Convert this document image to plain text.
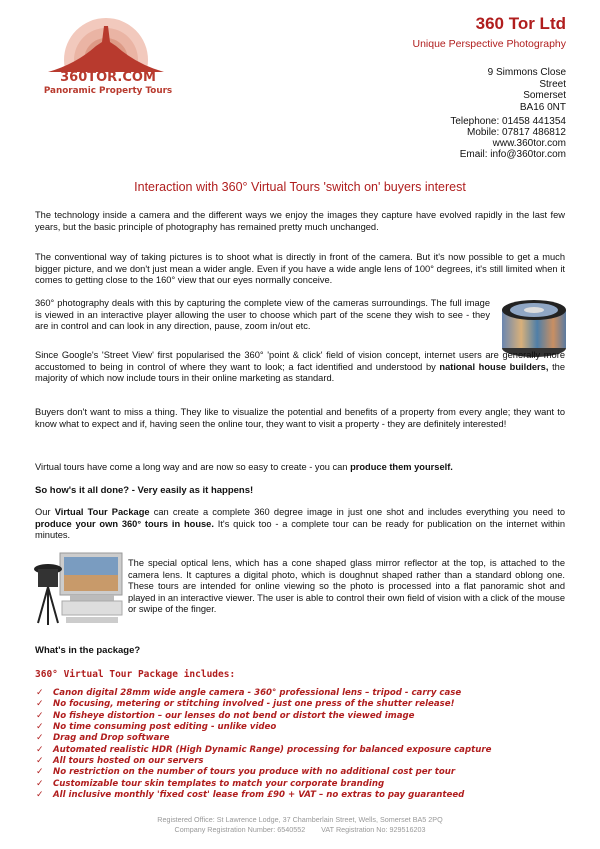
360TOR.COM
Panoramic Property Tours
360 Tor Ltd
Unique Perspective Photography
9 Simmons Close
Street
Somerset
BA16 0NT
Telephone: 01458 441354
Mobile: 07817 486812
www.360tor.com
Email: info@360tor.com
Interaction with 360° Virtual Tours 'switch on' buyers interest
The technology inside a camera and the different ways we enjoy the images they capture have evolved rapidly in the last few years, but the basic principle of photography has remained pretty much unchanged.
The conventional way of taking pictures is to shoot what is directly in front of the camera. But it's now possible to get a much bigger picture, and we don't just mean a wider angle. Even if you have a wide angle lens of 100° degrees, it's still limited when it comes to getting close to the 160° view that our eyes normally conceive.
360° photography deals with this by capturing the complete view of the cameras surroundings. The full image is viewed in an interactive player allowing the user to choose which part of the scene they wish to see - they are in control and can look in any direction, pause, zoom in/out etc.
Since Google's 'Street View' first popularised the 360° 'point & click' field of vision concept, internet users are generally more accustomed to being in control of where they want to look; a fact identified and understood by national house builders, the majority of which now include tours in their online marketing as standard.
Buyers don't want to miss a thing. They like to visualize the potential and benefits of a property from every angle; they want to know what to expect and if, having seen the online tour, they want to visit a property - they are definitely interested!
Virtual tours have come a long way and are now so easy to create - you can produce them yourself.
So how's it all done? - Very easily as it happens!
Our Virtual Tour Package can create a complete 360 degree image in just one shot and includes everything you need to produce your own 360° tours in house. It's quick too - a complete tour can be ready for publication on the internet within minutes.
The special optical lens, which has a cone shaped glass mirror reflector at the top, is attached to the camera lens. It captures a digital photo, which is doughnut shaped rather than a standard oblong one. These tours are intended for online viewing so the photo is processed into a flat panoramic shot and played in an interactive viewer. The user is able to control their own field of vision with a click of the mouse or swipe of the finger.
What's in the package?
360° Virtual Tour Package includes:
✓ Canon digital 28mm wide angle camera - 360° professional lens – tripod - carry case
✓ No focusing, metering or stitching involved - just one press of the shutter release!
✓ No fisheye distortion – our lenses do not bend or distort the viewed image
✓ No time consuming post editing - unlike video
✓ Drag and Drop software
✓ Automated realistic HDR (High Dynamic Range) processing for balanced exposure capture
✓ All tours hosted on our servers
✓ No restriction on the number of tours you produce with no additional cost per tour
✓ Customizable tour skin templates to match your corporate branding
✓ All inclusive monthly 'fixed cost' lease from £90 + VAT – no extras to pay guaranteed
Registered Office: St Lawrence Lodge, 37 Chamberlain Street, Wells, Somerset BA5 2PQ
Company Registration Number: 6540552        VAT Registration No: 929516203
